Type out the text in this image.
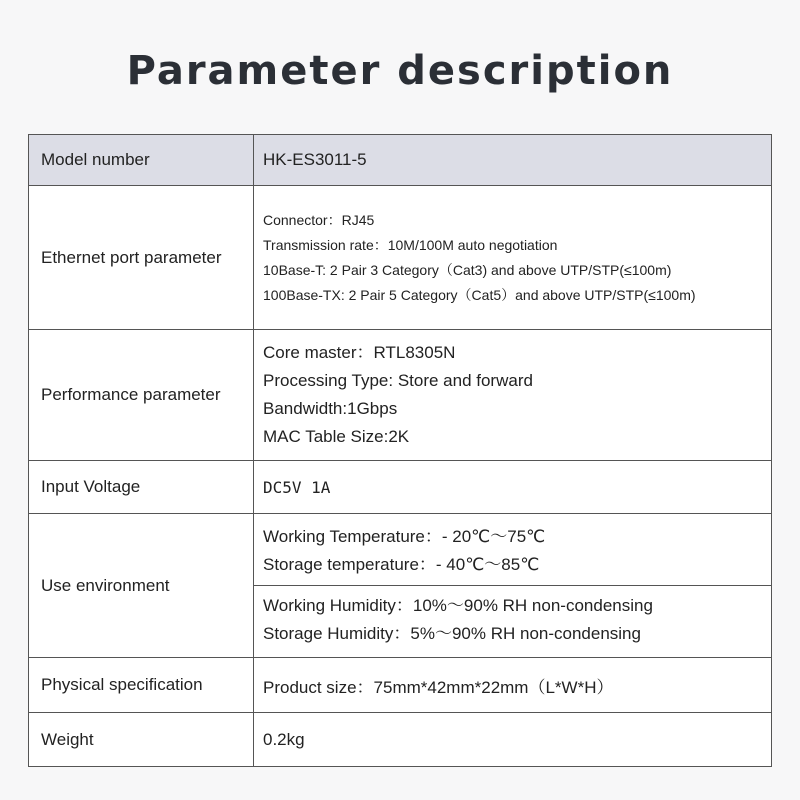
Parameter description
Model number	HK-ES3011-5
Ethernet port parameter	Connector：RJ45
Transmission rate：10M/100M auto negotiation
10Base-T: 2 Pair 3 Category（Cat3) and above UTP/STP(≤100m)
100Base-TX: 2 Pair 5 Category（Cat5）and above UTP/STP(≤100m)

Performance parameter	Core master：RTL8305N
Processing Type: Store and forward
Bandwidth:1Gbps
MAC Table Size:2K

Input Voltage	DC5V 1A
Use environment	Working Temperature：- 20℃～75℃
Storage temperature：- 40℃～85℃
Working Humidity：10%～90% RH non-condensing
Storage Humidity：5%～90% RH non-condensing

Physical specification	Product size：75mm*42mm*22mm（L*W*H）
Weight	0.2kg
